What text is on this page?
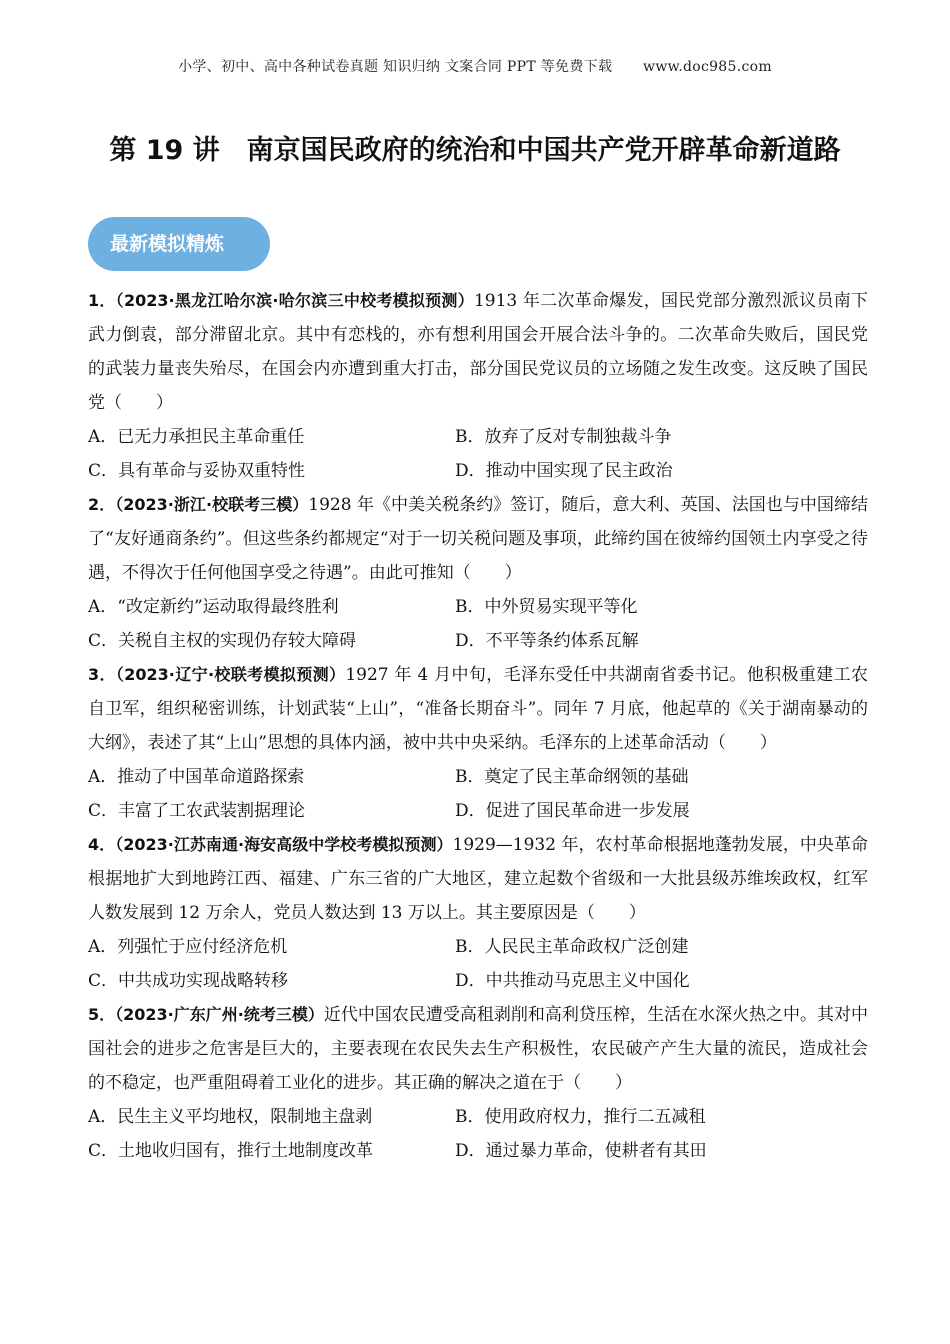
小学、初中、高中各种试卷真题 知识归纳 文案合同 PPT 等免费下载 www.doc985.com
第 19 讲　南京国民政府的统治和中国共产党开辟革命新道路
最新模拟精炼

1．（2023·黑龙江哈尔滨·哈尔滨三中校考模拟预测）1913 年二次革命爆发，国民党部分激烈派议员南下武力倒袁，部分滞留北京。其中有恋栈的，亦有想利用国会开展合法斗争的。二次革命失败后，国民党的武装力量丧失殆尽，在国会内亦遭到重大打击，部分国民党议员的立场随之发生改变。这反映了国民党（　　）

A．已无力承担民主革命重任	B．放弃了反对专制独裁斗争
C．具有革命与妥协双重特性	D．推动中国实现了民主政治

2．（2023·浙江·校联考三模）1928 年《中美关税条约》签订，随后，意大利、英国、法国也与中国缔结了“友好通商条约”。但这些条约都规定“对于一切关税问题及事项，此缔约国在彼缔约国领土内享受之待遇，不得次于任何他国享受之待遇”。由此可推知（　　）

A．“改定新约”运动取得最终胜利	B．中外贸易实现平等化
C．关税自主权的实现仍存较大障碍	D．不平等条约体系瓦解

3．（2023·辽宁·校联考模拟预测）1927 年 4 月中旬，毛泽东受任中共湖南省委书记。他积极重建工农自卫军，组织秘密训练，计划武装“上山”，“准备长期奋斗”。同年 7 月底，他起草的《关于湖南暴动的大纲》，表述了其“上山”思想的具体内涵，被中共中央采纳。毛泽东的上述革命活动（　　）

A．推动了中国革命道路探索	B．奠定了民主革命纲领的基础
C．丰富了工农武装割据理论	D．促进了国民革命进一步发展

4．（2023·江苏南通·海安高级中学校考模拟预测）1929—1932 年，农村革命根据地蓬勃发展，中央革命根据地扩大到地跨江西、福建、广东三省的广大地区，建立起数个省级和一大批县级苏维埃政权，红军人数发展到 12 万余人，党员人数达到 13 万以上。其主要原因是（　　）

A．列强忙于应付经济危机	B．人民民主革命政权广泛创建
C．中共成功实现战略转移	D．中共推动马克思主义中国化

5．（2023·广东广州·统考三模）近代中国农民遭受高租剥削和高利贷压榨，生活在水深火热之中。其对中国社会的进步之危害是巨大的，主要表现在农民失去生产积极性，农民破产产生大量的流民，造成社会的不稳定，也严重阻碍着工业化的进步。其正确的解决之道在于（　　）

A．民生主义平均地权，限制地主盘剥	B．使用政府权力，推行二五减租
C．土地收归国有，推行土地制度改革	D．通过暴力革命，使耕者有其田
